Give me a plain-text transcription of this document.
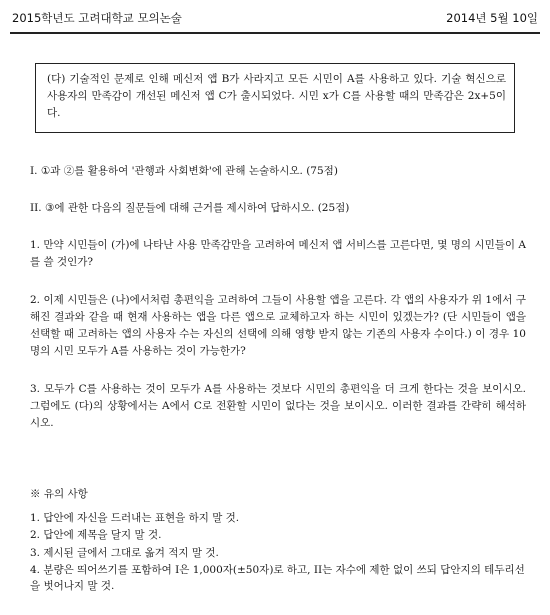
2015학년도 고려대학교 모의논술	2014년 5월 10일
(다) 기술적인 문제로 인해 메신저 앱 B가 사라지고 모든 시민이 A를 사용하고 있다. 기술 혁신으로 사용자의 만족감이 개선된 메신저 앱 C가 출시되었다. 시민 x가 C를 사용할 때의 만족감은 2x+5이다.
I. ①과 ②를 활용하여 '관행과 사회변화'에 관해 논술하시오. (75점)
II. ③에 관한 다음의 질문들에 대해 근거를 제시하여 답하시오. (25점)
1. 만약 시민들이 (가)에 나타난 사용 만족감만을 고려하여 메신저 앱 서비스를 고른다면, 몇 명의 시민들이 A를 쓸 것인가?
2. 이제 시민들은 (나)에서처럼 총편익을 고려하여 그들이 사용할 앱을 고른다. 각 앱의 사용자가 위 1에서 구해진 결과와 같을 때 현재 사용하는 앱을 다른 앱으로 교체하고자 하는 시민이 있겠는가? (단 시민들이 앱을 선택할 때 고려하는 앱의 사용자 수는 자신의 선택에 의해 영향 받지 않는 기존의 사용자 수이다.) 이 경우 10명의 시민 모두가 A를 사용하는 것이 가능한가?
3. 모두가 C를 사용하는 것이 모두가 A를 사용하는 것보다 시민의 총편익을 더 크게 한다는 것을 보이시오. 그럼에도 (다)의 상황에서는 A에서 C로 전환할 시민이 없다는 것을 보이시오. 이러한 결과를 간략히 해석하시오.
※ 유의 사항
1. 답안에 자신을 드러내는 표현을 하지 말 것.
2. 답안에 제목을 달지 말 것.
3. 제시된 글에서 그대로 옮겨 적지 말 것.
4. 분량은 띄어쓰기를 포함하여 I은 1,000자(±50자)로 하고, II는 자수에 제한 없이 쓰되 답안지의 테두리선을 벗어나지 말 것.
